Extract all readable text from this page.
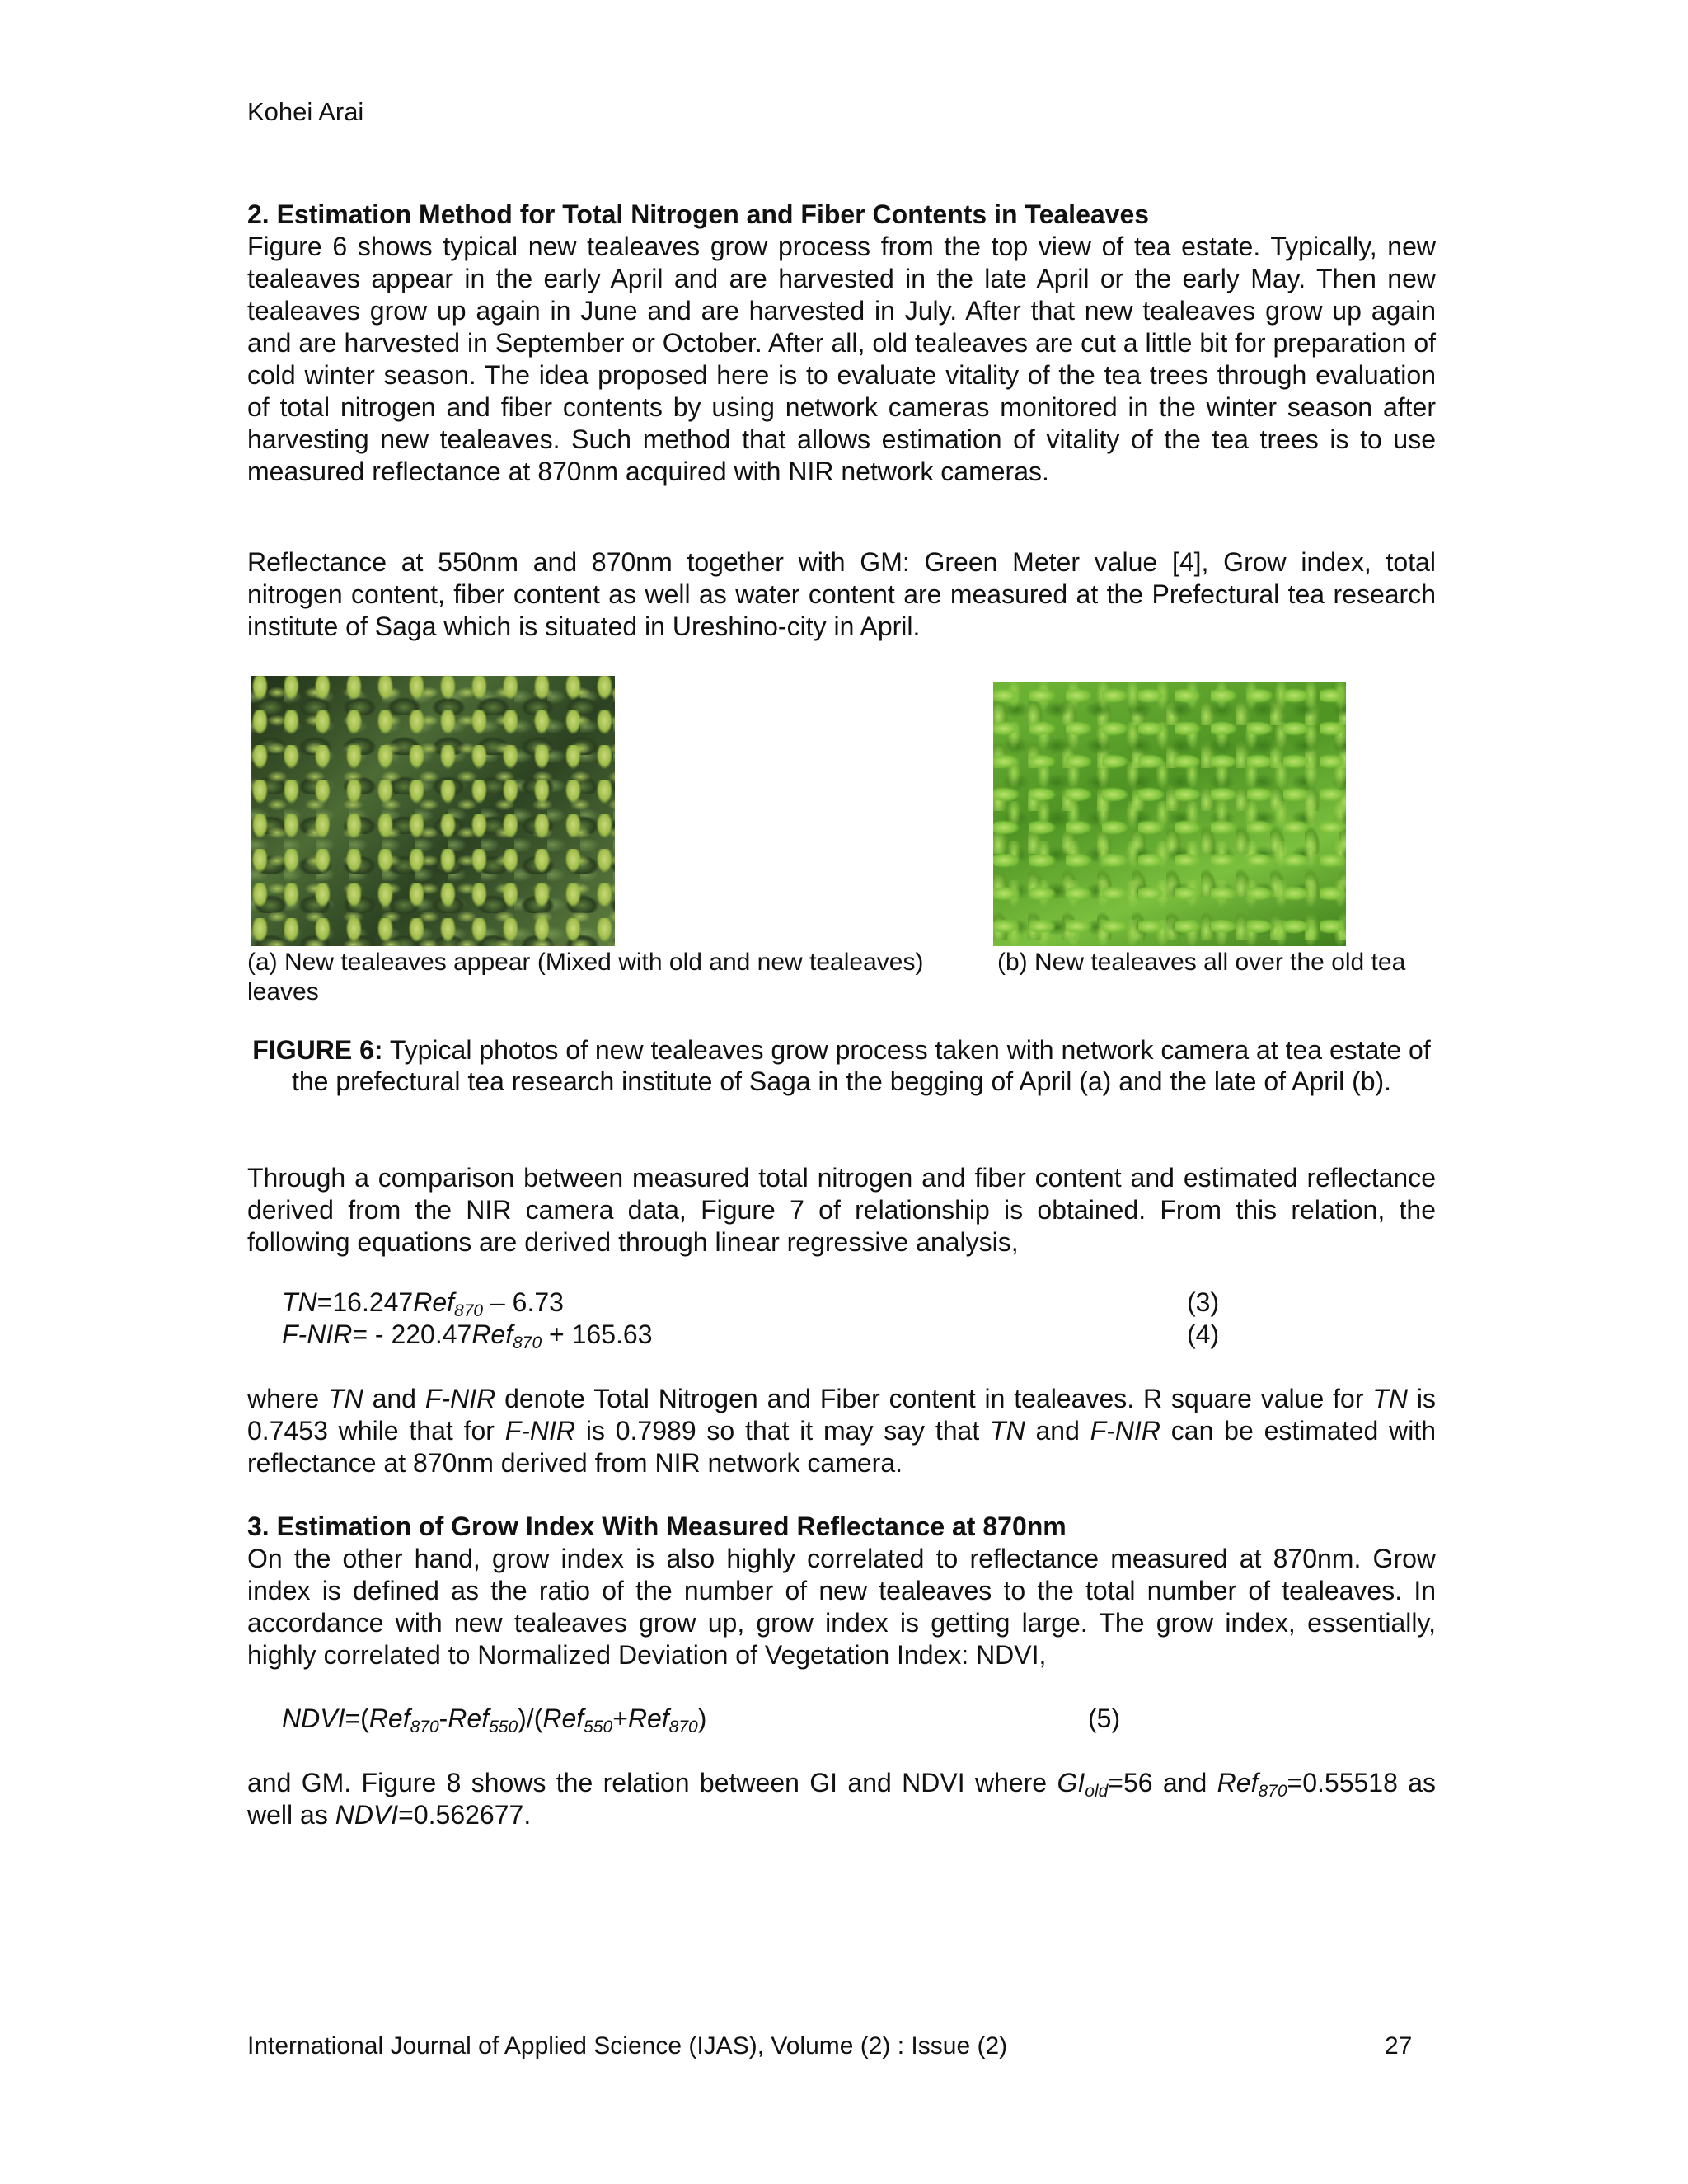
Kohei Arai
2. Estimation Method for Total Nitrogen and Fiber Contents in Tealeaves
Figure 6 shows typical new tealeaves grow process from the top view of tea estate. Typically, new tealeaves appear in the early April and are harvested in the late April or the early May. Then new tealeaves grow up again in June and are harvested in July. After that new tealeaves grow up again and are harvested in September or October. After all, old tealeaves are cut a little bit for preparation of cold winter season. The idea proposed here is to evaluate vitality of the tea trees through evaluation of total nitrogen and fiber contents by using network cameras monitored in the winter season after harvesting new tealeaves. Such method that allows estimation of vitality of the tea trees is to use measured reflectance at 870nm acquired with NIR network cameras.
Reflectance at 550nm and 870nm together with GM: Green Meter value [4], Grow index, total nitrogen content, fiber content as well as water content are measured at the Prefectural tea research institute of Saga which is situated in Ureshino-city in April.
(a) New tealeaves appear (Mixed with old and new tealeaves) leaves
(b) New tealeaves all over the old tea
FIGURE 6: Typical photos of new tealeaves grow process taken with network camera at tea estate of the prefectural tea research institute of Saga in the begging of April (a) and the late of April (b).
Through a comparison between measured total nitrogen and fiber content and estimated reflectance derived from the NIR camera data, Figure 7 of relationship is obtained. From this relation, the following equations are derived through linear regressive analysis,
TN=16.247Ref$_{870}$ – 6.73	(3)
F-NIR= - 220.47Ref$_{870}$ + 165.63	(4)
where TN and F-NIR denote Total Nitrogen and Fiber content in tealeaves. R square value for TN is 0.7453 while that for F-NIR is 0.7989 so that it may say that TN and F-NIR can be estimated with reflectance at 870nm derived from NIR network camera.
3. Estimation of Grow Index With Measured Reflectance at 870nm
On the other hand, grow index is also highly correlated to reflectance measured at 870nm. Grow index is defined as the ratio of the number of new tealeaves to the total number of tealeaves. In accordance with new tealeaves grow up, grow index is getting large. The grow index, essentially, highly correlated to Normalized Deviation of Vegetation Index: NDVI,
NDVI=(Ref$_{870}$-Ref$_{550}$)/(Ref$_{550}$+Ref$_{870}$)	(5)
and GM. Figure 8 shows the relation between GI and NDVI where $GI_{old}=56$ and Ref$_{870}$=0.55518 as well as NDVI=0.562677.
International Journal of Applied Science (IJAS), Volume (2) : Issue (2)	27
